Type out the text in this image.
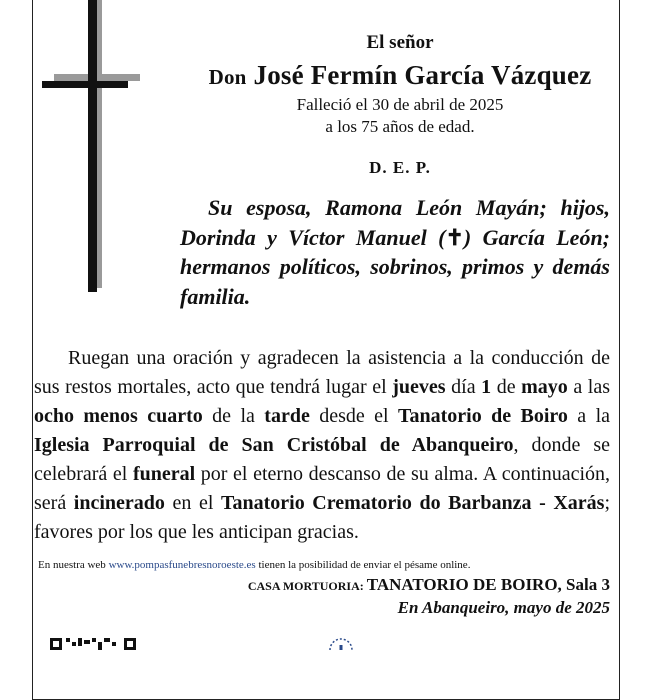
El señor
Don José Fermín García Vázquez
Falleció el 30 de abril de 2025
a los 75 años de edad.
D. E. P.
Su esposa, Ramona León Mayán; hijos, Dorinda y Víctor Manuel (✝) García León; hermanos políticos, sobrinos, primos y demás familia.
Ruegan una oración y agradecen la asistencia a la conducción de sus restos mortales, acto que tendrá lugar el jueves día 1 de mayo a las ocho menos cuarto de la tarde desde el Tanatorio de Boiro a la Iglesia Parroquial de San Cristóbal de Abanqueiro, donde se celebrará el funeral por el eterno descanso de su alma. A continuación, será incinerado en el Tanatorio Crematorio do Barbanza - Xarás; favores por los que les anticipan gracias.
En nuestra web www.pompasfunebresnoroeste.es tienen la posibilidad de enviar el pésame online.
CASA MORTUORIA: TANATORIO DE BOIRO, Sala 3
En Abanqueiro, mayo de 2025
